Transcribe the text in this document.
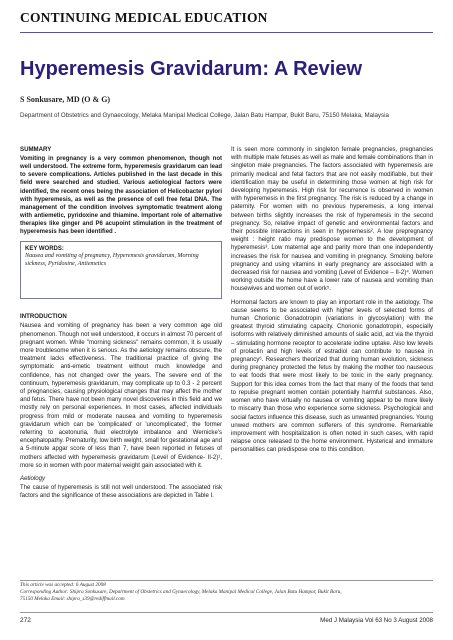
CONTINUING MEDICAL EDUCATION
Hyperemesis Gravidarum: A Review
S Sonkusare, MD (O & G)
Department of Obstetrics and Gynaecology, Melaka Manipal Medical College, Jalan Batu Hampar, Bukit Baru, 75150 Melaka, Malaysia
SUMMARY

Vomiting in pregnancy is a very common phenomenon, though not well understood. The extreme form, hyperemesis gravidarum can lead to severe complications. Articles published in the last decade in this field were searched and studied. Various aetiological factors were identified, the recent ones being the association of Helicobacter pylori with hyperemesis, as well as the presence of cell free fetal DNA. The management of the condition involves symptomatic treatment along with antiemetic, pyridoxine and thiamine. Important role of alternative therapies like ginger and P6 acupoint stimulation in the treatment of hyperemesis has been identified .

KEY WORDS:
Nausea and vomiting of pregnancy, Hyperemesis gravidarum, Morning sickness, Pyridoxine, Antiemetics
INTRODUCTION

Nausea and vomiting of pregnancy has been a very common age old phenomenon. Though not well understood, it occurs in almost 70 percent of pregnant women. While "morning sickness" remains common, it is usually more troublesome when it is serious. As the aetiology remains obscure, the treatment lacks effectiveness. The traditional practice of giving the symptomatic anti-emetic treatment without much knowledge and confidence, has not changed over the years. The severe end of the continuum, hyperemesis gravidarum, may complicate up to 0.3 - 2 percent of pregnancies, causing physiological changes that may affect the mother and fetus. There have not been many novel discoveries in this field and we mostly rely on personal experiences. In most cases, affected individuals progress from mild or moderate nausea and vomiting to hyperemesis gravidarum which can be 'complicated' or 'uncomplicated', the former referring to acetonuria, fluid electrolyte imbalance and Wernicke's encephalopathy. Prematurity, low birth weight, small for gestational age and a 5-minute apgar score of less than 7, have been reported in fetuses of mothers affected with hyperemesis gravidarum (Level of Evidence- II-2)¹, more so in women with poor maternal weight gain associated with it.

Aetiology

The cause of hyperemesis is still not well understood. The associated risk factors and the significance of these associations are depicted in Table I.

It is seen more commonly in singleton female pregnancies, pregnancies with multiple male fetuses as well as male and female combinations than in singleton male pregnancies. The factors associated with hyperemesis are primarily medical and fetal factors that are not easily modifiable, but their identification may be useful in determining those women at high risk for developing hyperemesis. High risk for recurrence is observed in women with hyperemesis in the first pregnancy. The risk is reduced by a change in paternity. For women with no previous hyperemesis, a long interval between births slightly increases the risk of hyperemesis in the second pregnancy. So, relative impact of genetic and environmental factors and their possible interactions in seen in hyperemesis². A low prepregnancy weight : height ratio may predispose women to the development of hyperemesis³. Low maternal age and parity more than one independently increases the risk for nausea and vomiting in pregnancy. Smoking before pregnancy and using vitamins in early pregnancy are associated with a decreased risk for nausea and vomiting (Level of Evidence – II-2)⁴. Women working outside the home have a lower rate of nausea and vomiting than housewives and women out of work⁵.

Hormonal factors are known to play an important role in the aetiology. The cause seems to be associated with higher levels of selected forms of human Chorionic Gonadotropin (variations in glycosylation) with the greatest thyroid stimulating capacity. Chorionic gonadotropin, especially isoforms with relatively diminished amounts of sialic acid, act via the thyroid – stimulating hormone receptor to accelerate iodine uptake. Also low levels of prolactin and high levels of estradiol can contribute to nausea in pregnancy⁶. Researchers theorized that during human evolution, sickness during pregnancy protected the fetus by making the mother too nauseous to eat foods that were most likely to be toxic in the early pregnancy. Support for this idea comes from the fact that many of the foods that tend to repulse pregnant women contain potentially harmful substances. Also, women who have virtually no nausea or vomiting appear to be more likely to miscarry than those who experience some sickness. Psychological and social factors influence this disease, such as unwanted pregnancies. Young unwed mothers are common sufferers of this syndrome. Remarkable improvement with hospitalization is often noted in such cases, with rapid relapse once released to the home environment. Hysterical and immature personalities can predispose one to this condition.

This article was accepted: 6 August 2008
Corresponding Author: Shipra Sonkusare, Department of Obstetrics and Gynaecology, Melaka Manipal Medical College, Jalan Batu Hampar, Bukit Baru,
75150 Melaka Email: shipra_s39@rediffmail.com
272	Med J Malaysia Vol 63 No 3 August 2008
